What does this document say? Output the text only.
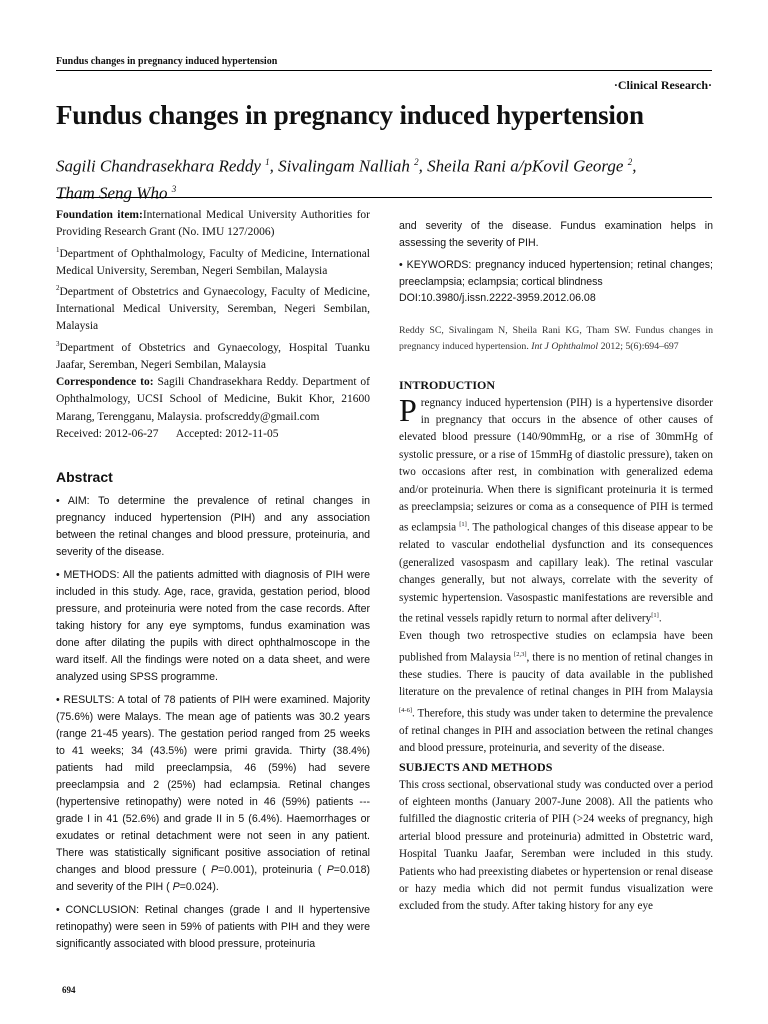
Fundus changes in pregnancy induced hypertension
·Clinical Research·
Fundus changes in pregnancy induced hypertension
Sagili Chandrasekhara Reddy $^1$, Sivalingam Nalliah $^2$, Sheila Rani a/pKovil George $^2$,
Tham Seng Who $^3$
Foundation item:International Medical University Authorities for Providing Research Grant (No. IMU 127/2006)
$^1$Department of Ophthalmology, Faculty of Medicine, International Medical University, Seremban, Negeri Sembilan, Malaysia
$^2$Department of Obstetrics and Gynaecology, Faculty of Medicine, International Medical University, Seremban, Negeri Sembilan, Malaysia
$^3$Department of Obstetrics and Gynaecology, Hospital Tuanku Jaafar, Seremban, Negeri Sembilan, Malaysia
Correspondence to: Sagili Chandrasekhara Reddy. Department of Ophthalmology, UCSI School of Medicine, Bukit Khor, 21600 Marang, Terengganu, Malaysia. profscreddy@gmail.com
Received: 2012-06-27 Accepted: 2012-11-05
Abstract

• AIM: To determine the prevalence of retinal changes in pregnancy induced hypertension (PIH) and any association between the retinal changes and blood pressure, proteinuria, and severity of the disease.

• METHODS: All the patients admitted with diagnosis of PIH were included in this study. Age, race, gravida, gestation period, blood pressure, and proteinuria were noted from the case records. After taking history for any eye symptoms, fundus examination was done after dilating the pupils with direct ophthalmoscope in the ward itself. All the findings were noted on a data sheet, and were analyzed using SPSS programme.

• RESULTS: A total of 78 patients of PIH were examined. Majority (75.6%) were Malays. The mean age of patients was 30.2 years (range 21-45 years). The gestation period ranged from 25 weeks to 41 weeks; 34 (43.5%) were primi gravida. Thirty (38.4%) patients had mild preeclampsia, 46 (59%) had severe preeclampsia and 2 (25%) had eclampsia. Retinal changes (hypertensive retinopathy) were noted in 46 (59%) patients --- grade I in 41 (52.6%) and grade II in 5 (6.4%). Haemorrhages or exudates or retinal detachment were not seen in any patient. There was statistically significant positive association of retinal changes and blood pressure ( P=0.001), proteinuria ( P=0.018) and severity of the PIH ( P=0.024).

• CONCLUSION: Retinal changes (grade I and II hypertensive retinopathy) were seen in 59% of patients with PIH and they were significantly associated with blood pressure, proteinuria

and severity of the disease. Fundus examination helps in assessing the severity of PIH.

• KEYWORDS: pregnancy induced hypertension; retinal changes; preeclampsia; eclampsia; cortical blindness

DOI:10.3980/j.issn.2222-3959.2012.06.08

Reddy SC, Sivalingam N, Sheila Rani KG, Tham SW. Fundus changes in pregnancy induced hypertension. Int J Ophthalmol 2012; 5(6):694–697

INTRODUCTION

Pregnancy induced hypertension (PIH) is a hypertensive disorder in pregnancy that occurs in the absence of other causes of elevated blood pressure (140/90mmHg, or a rise of 30mmHg of systolic pressure, or a rise of 15mmHg of diastolic pressure), taken on two occasions after rest, in combination with generalized edema and/or proteinuria. When there is significant proteinuria it is termed as preeclampsia; seizures or coma as a consequence of PIH is termed as eclampsia [1]. The pathological changes of this disease appear to be related to vascular endothelial dysfunction and its consequences (generalized vasospasm and capillary leak). The retinal vascular changes generally, but not always, correlate with the severity of systemic hypertension. Vasospastic manifestations are reversible and the retinal vessels rapidly return to normal after delivery[1].

Even though two retrospective studies on eclampsia have been published from Malaysia [2,3], there is no mention of retinal changes in these studies. There is paucity of data available in the published literature on the prevalence of retinal changes in PIH from Malaysia [4-6]. Therefore, this study was under taken to determine the prevalence of retinal changes in PIH and association between the retinal changes and blood pressure, proteinuria, and severity of the disease.

SUBJECTS AND METHODS

This cross sectional, observational study was conducted over a period of eighteen months (January 2007-June 2008). All the patients who fulfilled the diagnostic criteria of PIH (>24 weeks of pregnancy, high arterial blood pressure and proteinuria) admitted in Obstetric ward, Hospital Tuanku Jaafar, Seremban were included in this study. Patients who had preexisting diabetes or hypertension or renal disease or hazy media which did not permit fundus visualization were excluded from the study. After taking history for any eye

694
